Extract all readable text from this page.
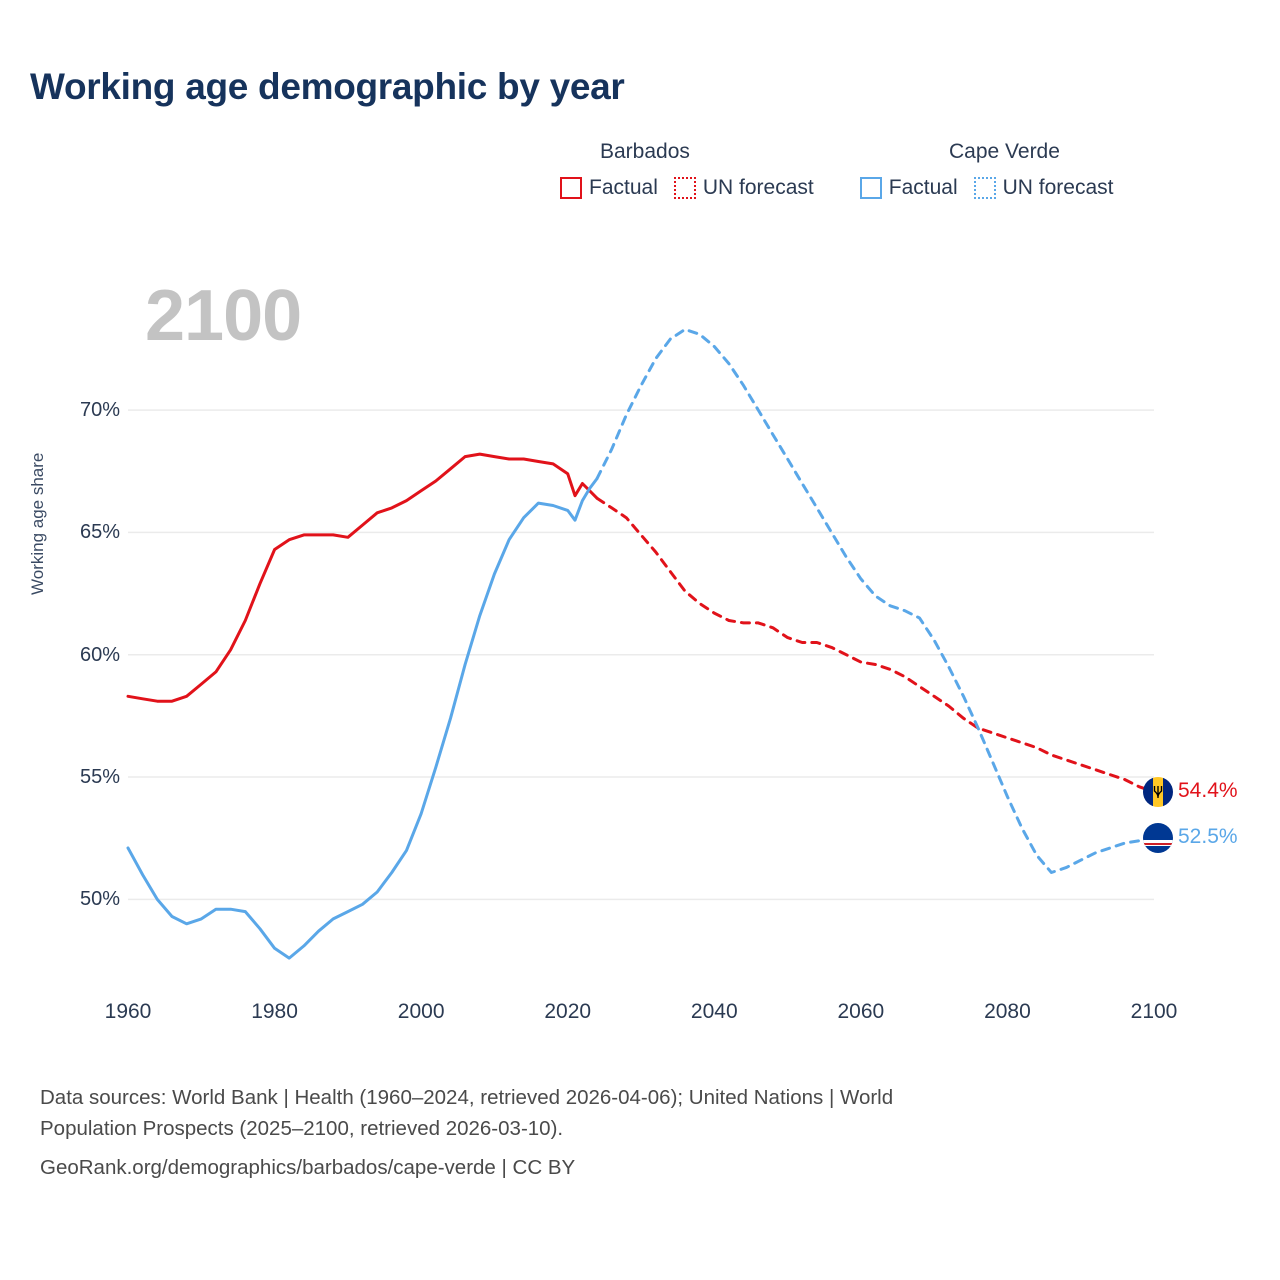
Working age demographic by year
Barbados	Cape Verde
Factual UN forecast	Factual UN forecast
2100
Working age share
50%
55%
60%
65%
70%
1960	1980	2000	2020	2040	2060	2080	2100
54.4%
52.5%
Data sources: World Bank | Health (1960–2024, retrieved 2026-04-06); United Nations | World
Population Prospects (2025–2100, retrieved 2026-03-10).
GeoRank.org/demographics/barbados/cape-verde | CC BY
